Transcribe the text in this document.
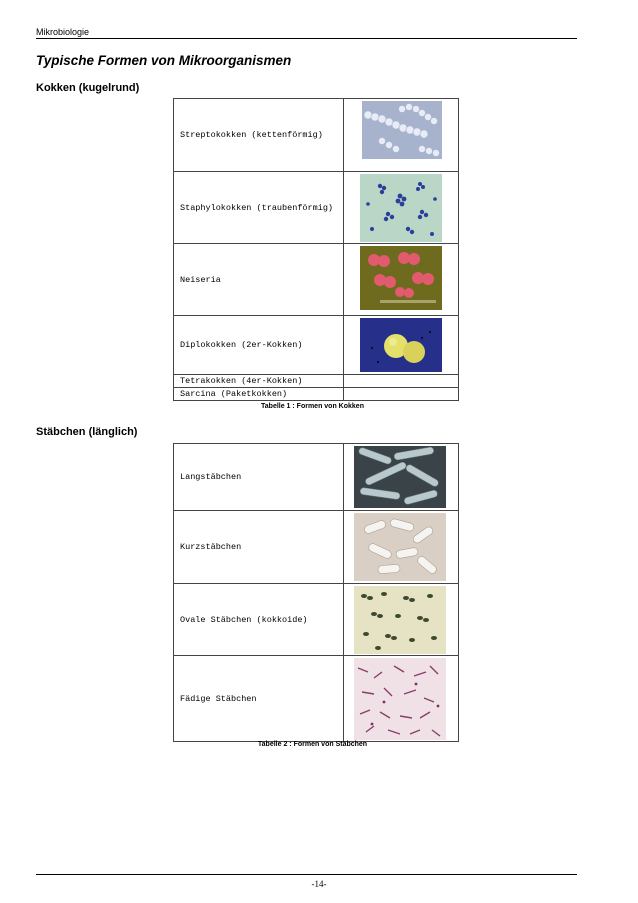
Mikrobiologie
Typische Formen von Mikroorganismen
Kokken (kugelrund)
Streptokokken (kettenförmig)	

Staphylokokken (traubenförmig)	

Neiseria	

Diplokokken (2er-Kokken)	

Tetrakokken (4er-Kokken)	
Sarcina (Paketkokken)	
Tabelle 1 : Formen von Kokken
Stäbchen (länglich)
Langstäbchen	

Kurzstäbchen	

Ovale Stäbchen (kokkoide)	

Fädige Stäbchen	
Tabelle 2 : Formen von Stäbchen
-14-
